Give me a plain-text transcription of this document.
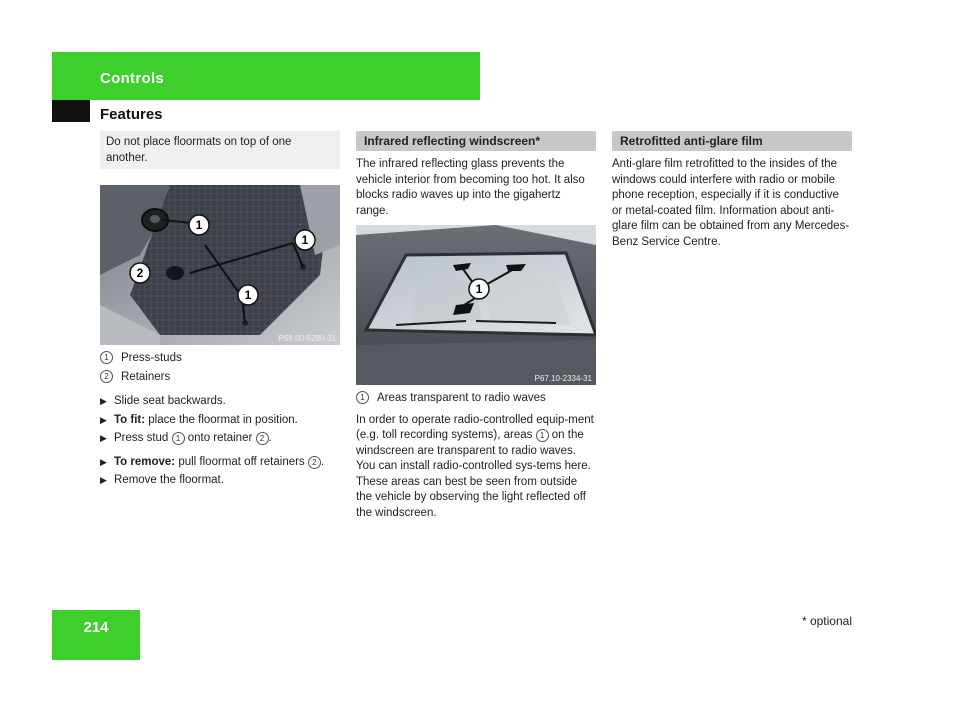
Controls
Features
Do not place floormats on top of one another.
1
1
1
2
P68.00-5280-31
1	Press-studs
2	Retainers
▶ Slide seat backwards.
▶ To fit: place the floormat in position.
▶ Press stud 1 onto retainer 2 .
▶ To remove: pull floormat off retainers 2 .
▶ Remove the floormat.
Infrared reflecting windscreen*

The infrared reflecting glass prevents the vehicle interior from becoming too hot. It also blocks radio waves up into the gigahertz range.

1
P67.10-2334-31
1	Areas transparent to radio waves

In order to operate radio-controlled equip-ment (e.g. toll recording systems), areas 1 on the windscreen are transparent to radio waves. You can install radio-controlled sys-tems here. These areas can best be seen from outside the vehicle by observing the light reflected off the windscreen.

Retrofitted anti-glare film

Anti-glare film retrofitted to the insides of the windows could interfere with radio or mobile phone reception, especially if it is conductive or metal-coated film. Information about anti-glare film can be obtained from any Mercedes-Benz Service Centre.

214	* optional
